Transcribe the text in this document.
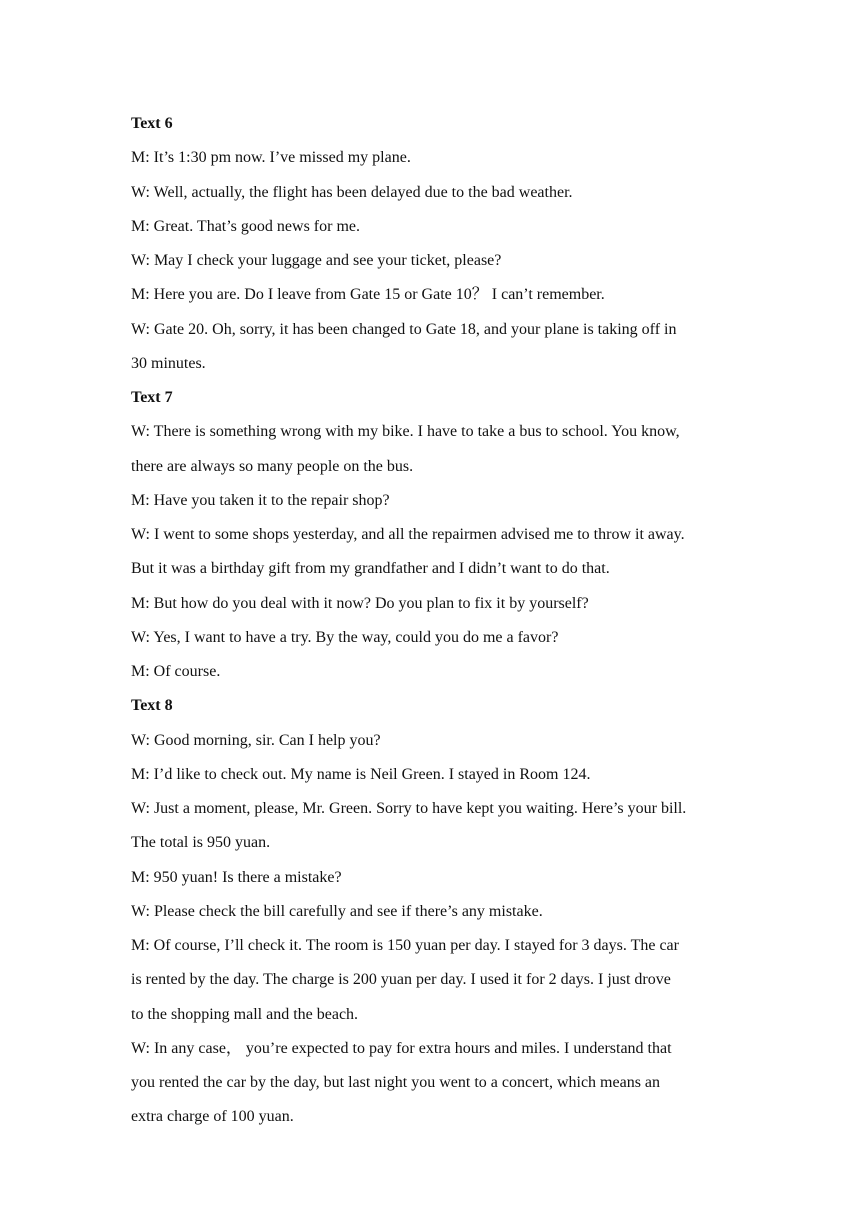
Text 6
M: It’s 1:30 pm now. I’ve missed my plane.
W: Well, actually, the flight has been delayed due to the bad weather.
M: Great. That’s good news for me.
W: May I check your luggage and see your ticket, please?
M: Here you are. Do I leave from Gate 15 or Gate 10？ I can’t remember.
W: Gate 20. Oh, sorry, it has been changed to Gate 18, and your plane is taking off in
30 minutes.
Text 7
W: There is something wrong with my bike. I have to take a bus to school. You know,
there are always so many people on the bus.
M: Have you taken it to the repair shop?
W: I went to some shops yesterday, and all the repairmen advised me to throw it away.
But it was a birthday gift from my grandfather and I didn’t want to do that.
M: But how do you deal with it now? Do you plan to fix it by yourself?
W: Yes, I want to have a try. By the way, could you do me a favor?
M: Of course.
Text 8
W: Good morning, sir. Can I help you?
M: I’d like to check out. My name is Neil Green. I stayed in Room 124.
W: Just a moment, please, Mr. Green. Sorry to have kept you waiting. Here’s your bill.
The total is 950 yuan.
M: 950 yuan! Is there a mistake?
W: Please check the bill carefully and see if there’s any mistake.
M: Of course, I’ll check it. The room is 150 yuan per day. I stayed for 3 days. The car
is rented by the day. The charge is 200 yuan per day. I used it for 2 days. I just drove
to the shopping mall and the beach.
W: In any case， you’re expected to pay for extra hours and miles. I understand that
you rented the car by the day, but last night you went to a concert, which means an
extra charge of 100 yuan.
